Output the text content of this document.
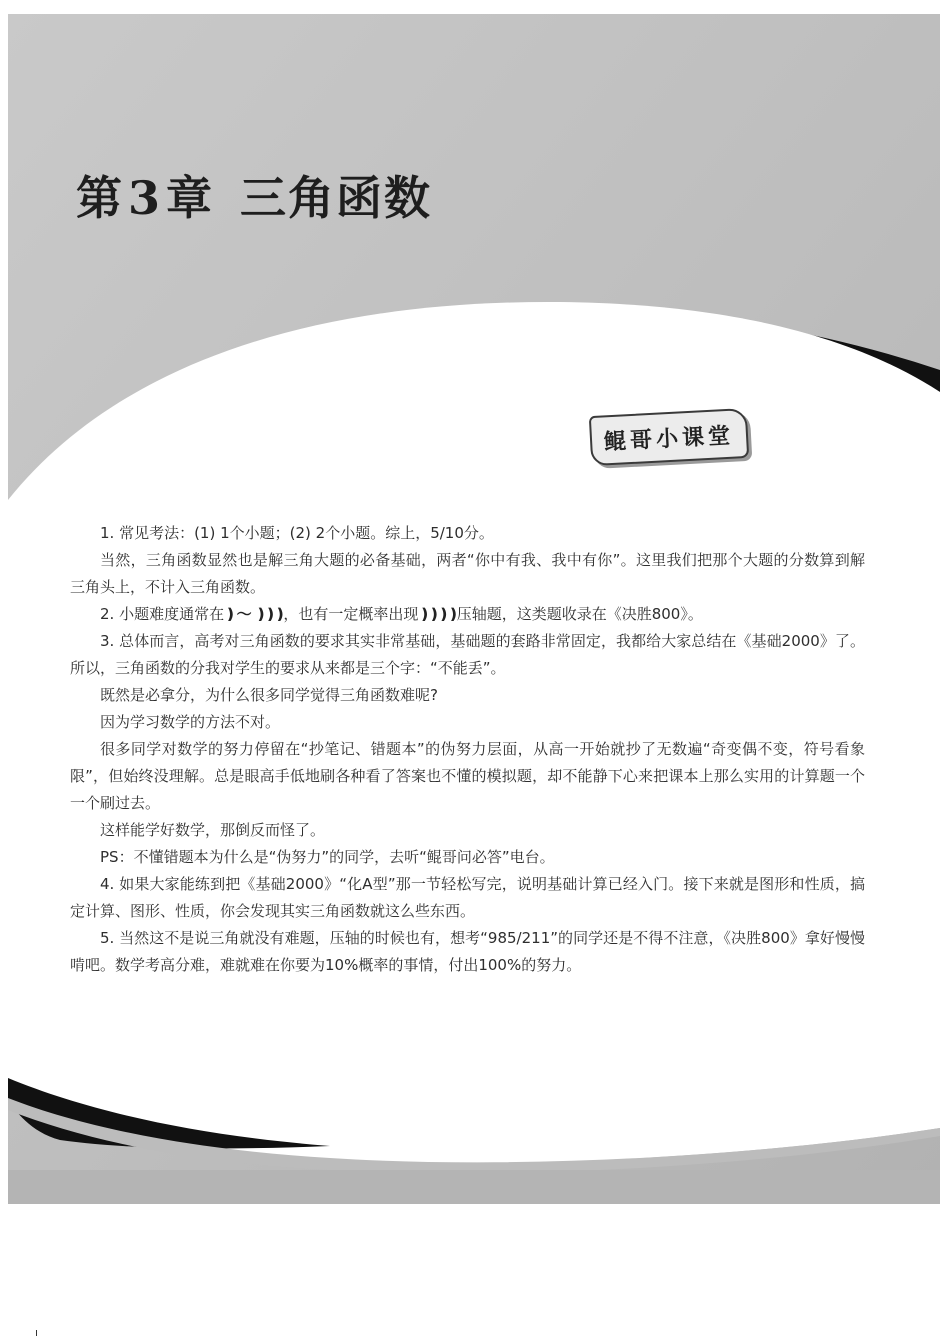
第3章 三角函数
鲲哥小课堂

1. 常见考法：(1) 1个小题；(2) 2个小题。综上，5/10分。

当然，三角函数显然也是解三角大题的必备基础，两者“你中有我、我中有你”。这里我们把那个大题的分数算到解三角头上，不计入三角函数。

2. 小题难度通常在❫ ～ ❫❫❫，也有一定概率出现❫❫❫❫压轴题，这类题收录在《决胜800》。

3. 总体而言，高考对三角函数的要求其实非常基础，基础题的套路非常固定，我都给大家总结在《基础2000》了。所以，三角函数的分我对学生的要求从来都是三个字：“不能丢”。

既然是必拿分，为什么很多同学觉得三角函数难呢?

因为学习数学的方法不对。

很多同学对数学的努力停留在“抄笔记、错题本”的伪努力层面，从高一开始就抄了无数遍“奇变偶不变，符号看象限”，但始终没理解。总是眼高手低地刷各种看了答案也不懂的模拟题，却不能静下心来把课本上那么实用的计算题一个一个刷过去。

这样能学好数学，那倒反而怪了。

PS：不懂错题本为什么是“伪努力”的同学，去听“鲲哥问必答”电台。

4. 如果大家能练到把《基础2000》“化A型”那一节轻松写完，说明基础计算已经入门。接下来就是图形和性质，搞定计算、图形、性质，你会发现其实三角函数就这么些东西。

5. 当然这不是说三角就没有难题，压轴的时候也有，想考“985/211”的同学还是不得不注意，《决胜800》拿好慢慢啃吧。数学考高分难，难就难在你要为10%概率的事情，付出100%的努力。
